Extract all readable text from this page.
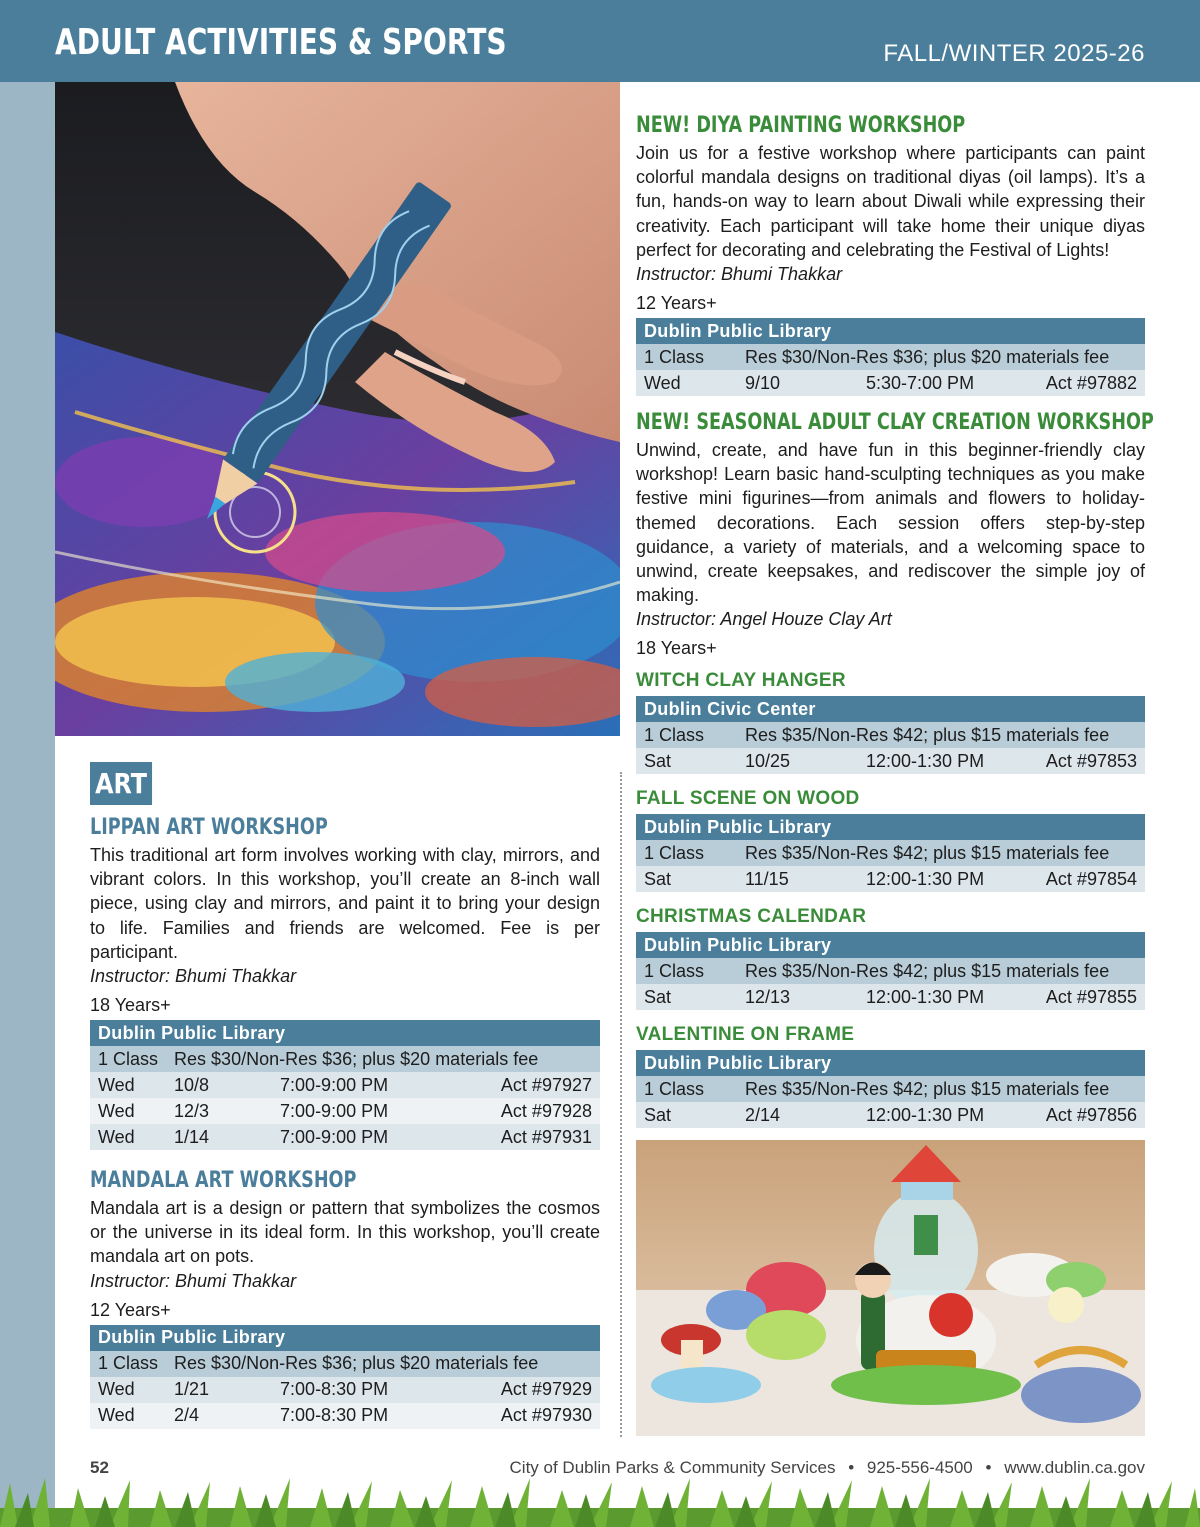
ADULT ACTIVITIES & SPORTS	FALL/WINTER 2025-26
ART
LIPPAN ART WORKSHOP

This traditional art form involves working with clay, mirrors, and vibrant colors. In this workshop, you’ll create an 8-inch wall piece, using clay and mirrors, and paint it to bring your design to life. Families and friends are welcomed. Fee is per participant.

Instructor: Bhumi Thakkar

18 Years+

Dublin Public Library			
1 Class	Res $30/Non-Res $36; plus $20 materials fee		
Wed	10/8	7:00-9:00 PM	Act #97927
Wed	12/3	7:00-9:00 PM	Act #97928
Wed	1/14	7:00-9:00 PM	Act #97931
MANDALA ART WORKSHOP

Mandala art is a design or pattern that symbolizes the cosmos or the universe in its ideal form. In this workshop, you’ll create mandala art on pots.

Instructor: Bhumi Thakkar

12 Years+

Dublin Public Library			
1 Class	Res $30/Non-Res $36; plus $20 materials fee		
Wed	1/21	7:00-8:30 PM	Act #97929
Wed	2/4	7:00-8:30 PM	Act #97930
NEW! DIYA PAINTING WORKSHOP

Join us for a festive workshop where participants can paint colorful mandala designs on traditional diyas (oil lamps). It’s a fun, hands-on way to learn about Diwali while expressing their creativity. Each participant will take home their unique diyas perfect for decorating and celebrating the Festival of Lights!

Instructor: Bhumi Thakkar

12 Years+

Dublin Public Library			
1 Class	Res $30/Non-Res $36; plus $20 materials fee		
Wed	9/10	5:30-7:00 PM	Act #97882
NEW! SEASONAL ADULT CLAY CREATION WORKSHOP

Unwind, create, and have fun in this beginner-friendly clay workshop! Learn basic hand-sculpting techniques as you make festive mini figurines—from animals and flowers to holiday-themed decorations. Each session offers step-by-step guidance, a variety of materials, and a welcoming space to unwind, create keepsakes, and rediscover the simple joy of making.

Instructor: Angel Houze Clay Art

18 Years+

WITCH CLAY HANGER
Dublin Civic Center			
1 Class	Res $35/Non-Res $42; plus $15 materials fee		
Sat	10/25	12:00-1:30 PM	Act #97853
FALL SCENE ON WOOD
Dublin Public Library			
1 Class	Res $35/Non-Res $42; plus $15 materials fee		
Sat	11/15	12:00-1:30 PM	Act #97854
CHRISTMAS CALENDAR
Dublin Public Library			
1 Class	Res $35/Non-Res $42; plus $15 materials fee		
Sat	12/13	12:00-1:30 PM	Act #97855
VALENTINE ON FRAME
Dublin Public Library			
1 Class	Res $35/Non-Res $42; plus $15 materials fee		
Sat	2/14	12:00-1:30 PM	Act #97856
52	City of Dublin Parks & Community Services • 925-556-4500 • www.dublin.ca.gov
